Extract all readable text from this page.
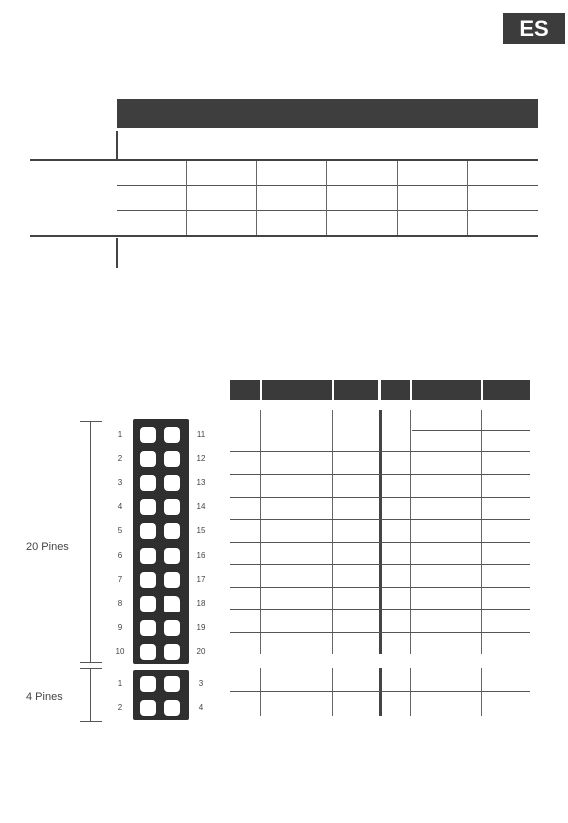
ES
20 Pines
4 Pines
1
2
3
4
5
6
7
8
9
10
11
12
13
14
15
16
17
18
19
20
1
2
3
4
